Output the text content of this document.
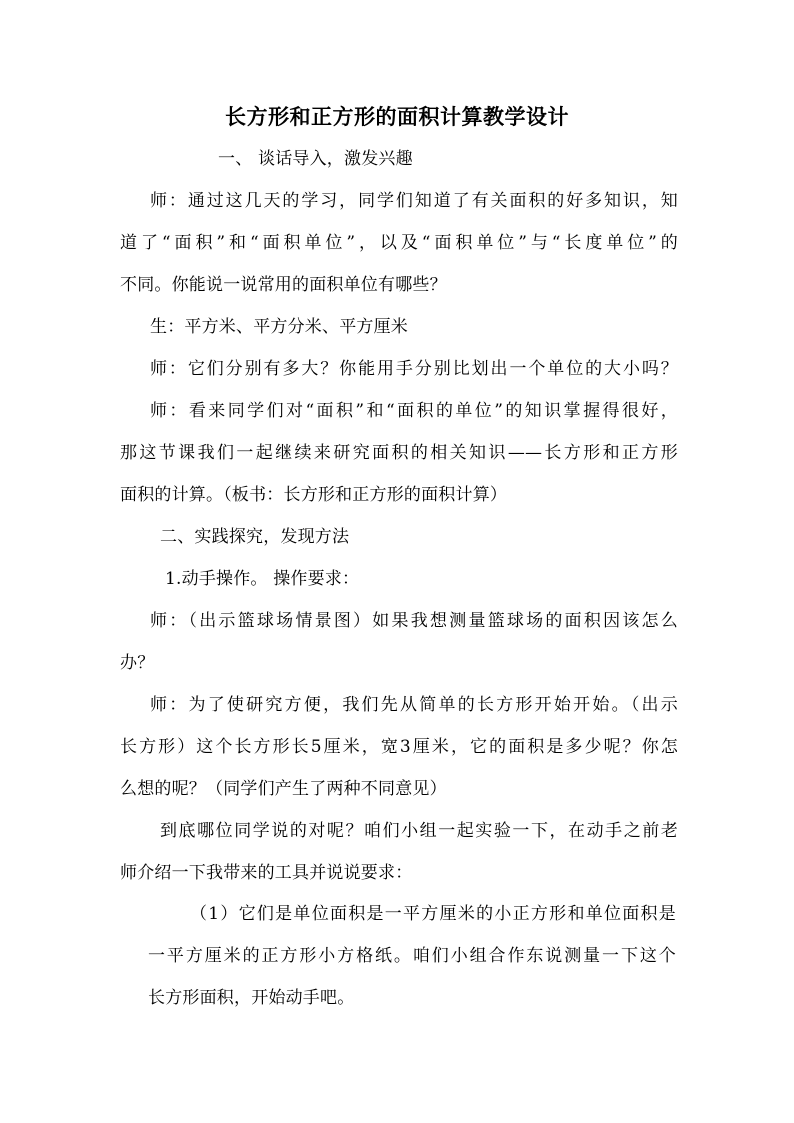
长方形和正方形的面积计算教学设计
一、 谈话导入，激发兴趣
师：通过这几天的学习，同学们知道了有关面积的好多知识，知
道了“面积”和“面积单位”，以及“面积单位”与“长度单位”的
不同。你能说一说常用的面积单位有哪些？
生：平方米、平方分米、平方厘米
师：它们分别有多大？你能用手分别比划出一个单位的大小吗？
师：看来同学们对“面积”和“面积的单位”的知识掌握得很好，
那这节课我们一起继续来研究面积的相关知识——长方形和正方形
面积的计算。（板书：长方形和正方形的面积计算）
二、实践探究，发现方法
1.动手操作。 操作要求：
师：（出示篮球场情景图）如果我想测量篮球场的面积因该怎么
办？
师：为了使研究方便，我们先从简单的长方形开始开始。（出示
长方形）这个长方形长5厘米，宽3厘米，它的面积是多少呢？你怎
么想的呢？（同学们产生了两种不同意见）
到底哪位同学说的对呢？咱们小组一起实验一下，在动手之前老
师介绍一下我带来的工具并说说要求：
（1）它们是单位面积是一平方厘米的小正方形和单位面积是
一平方厘米的正方形小方格纸。咱们小组合作东说测量一下这个
长方形面积，开始动手吧。
